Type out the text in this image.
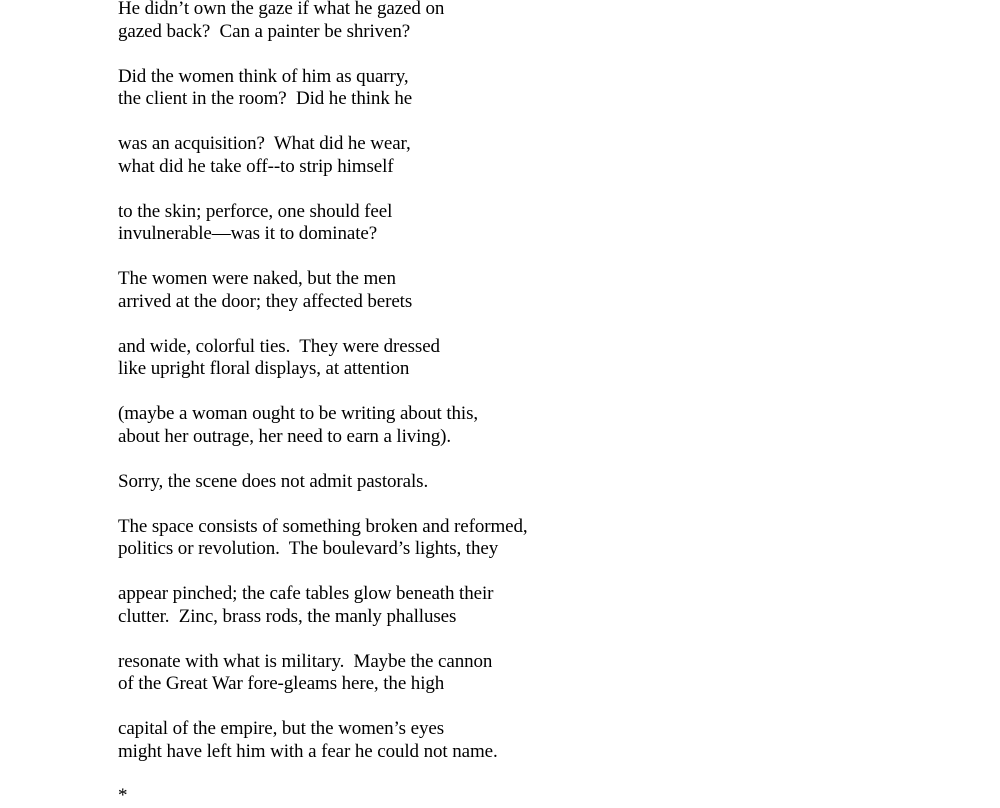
He didn’t own the gaze if what he gazed on
gazed back?  Can a painter be shriven?
Did the women think of him as quarry,
the client in the room?  Did he think he
was an acquisition?  What did he wear,
what did he take off--to strip himself
to the skin; perforce, one should feel
invulnerable—was it to dominate?
The women were naked, but the men
arrived at the door; they affected berets
and wide, colorful ties.  They were dressed
like upright floral displays, at attention
(maybe a woman ought to be writing about this,
about her outrage, her need to earn a living).
Sorry, the scene does not admit pastorals.
The space consists of something broken and reformed,
politics or revolution.  The boulevard’s lights, they
appear pinched; the cafe tables glow beneath their
clutter.  Zinc, brass rods, the manly phalluses
resonate with what is military.  Maybe the cannon
of the Great War fore-gleams here, the high
capital of the empire, but the women’s eyes
might have left him with a fear he could not name.
*
